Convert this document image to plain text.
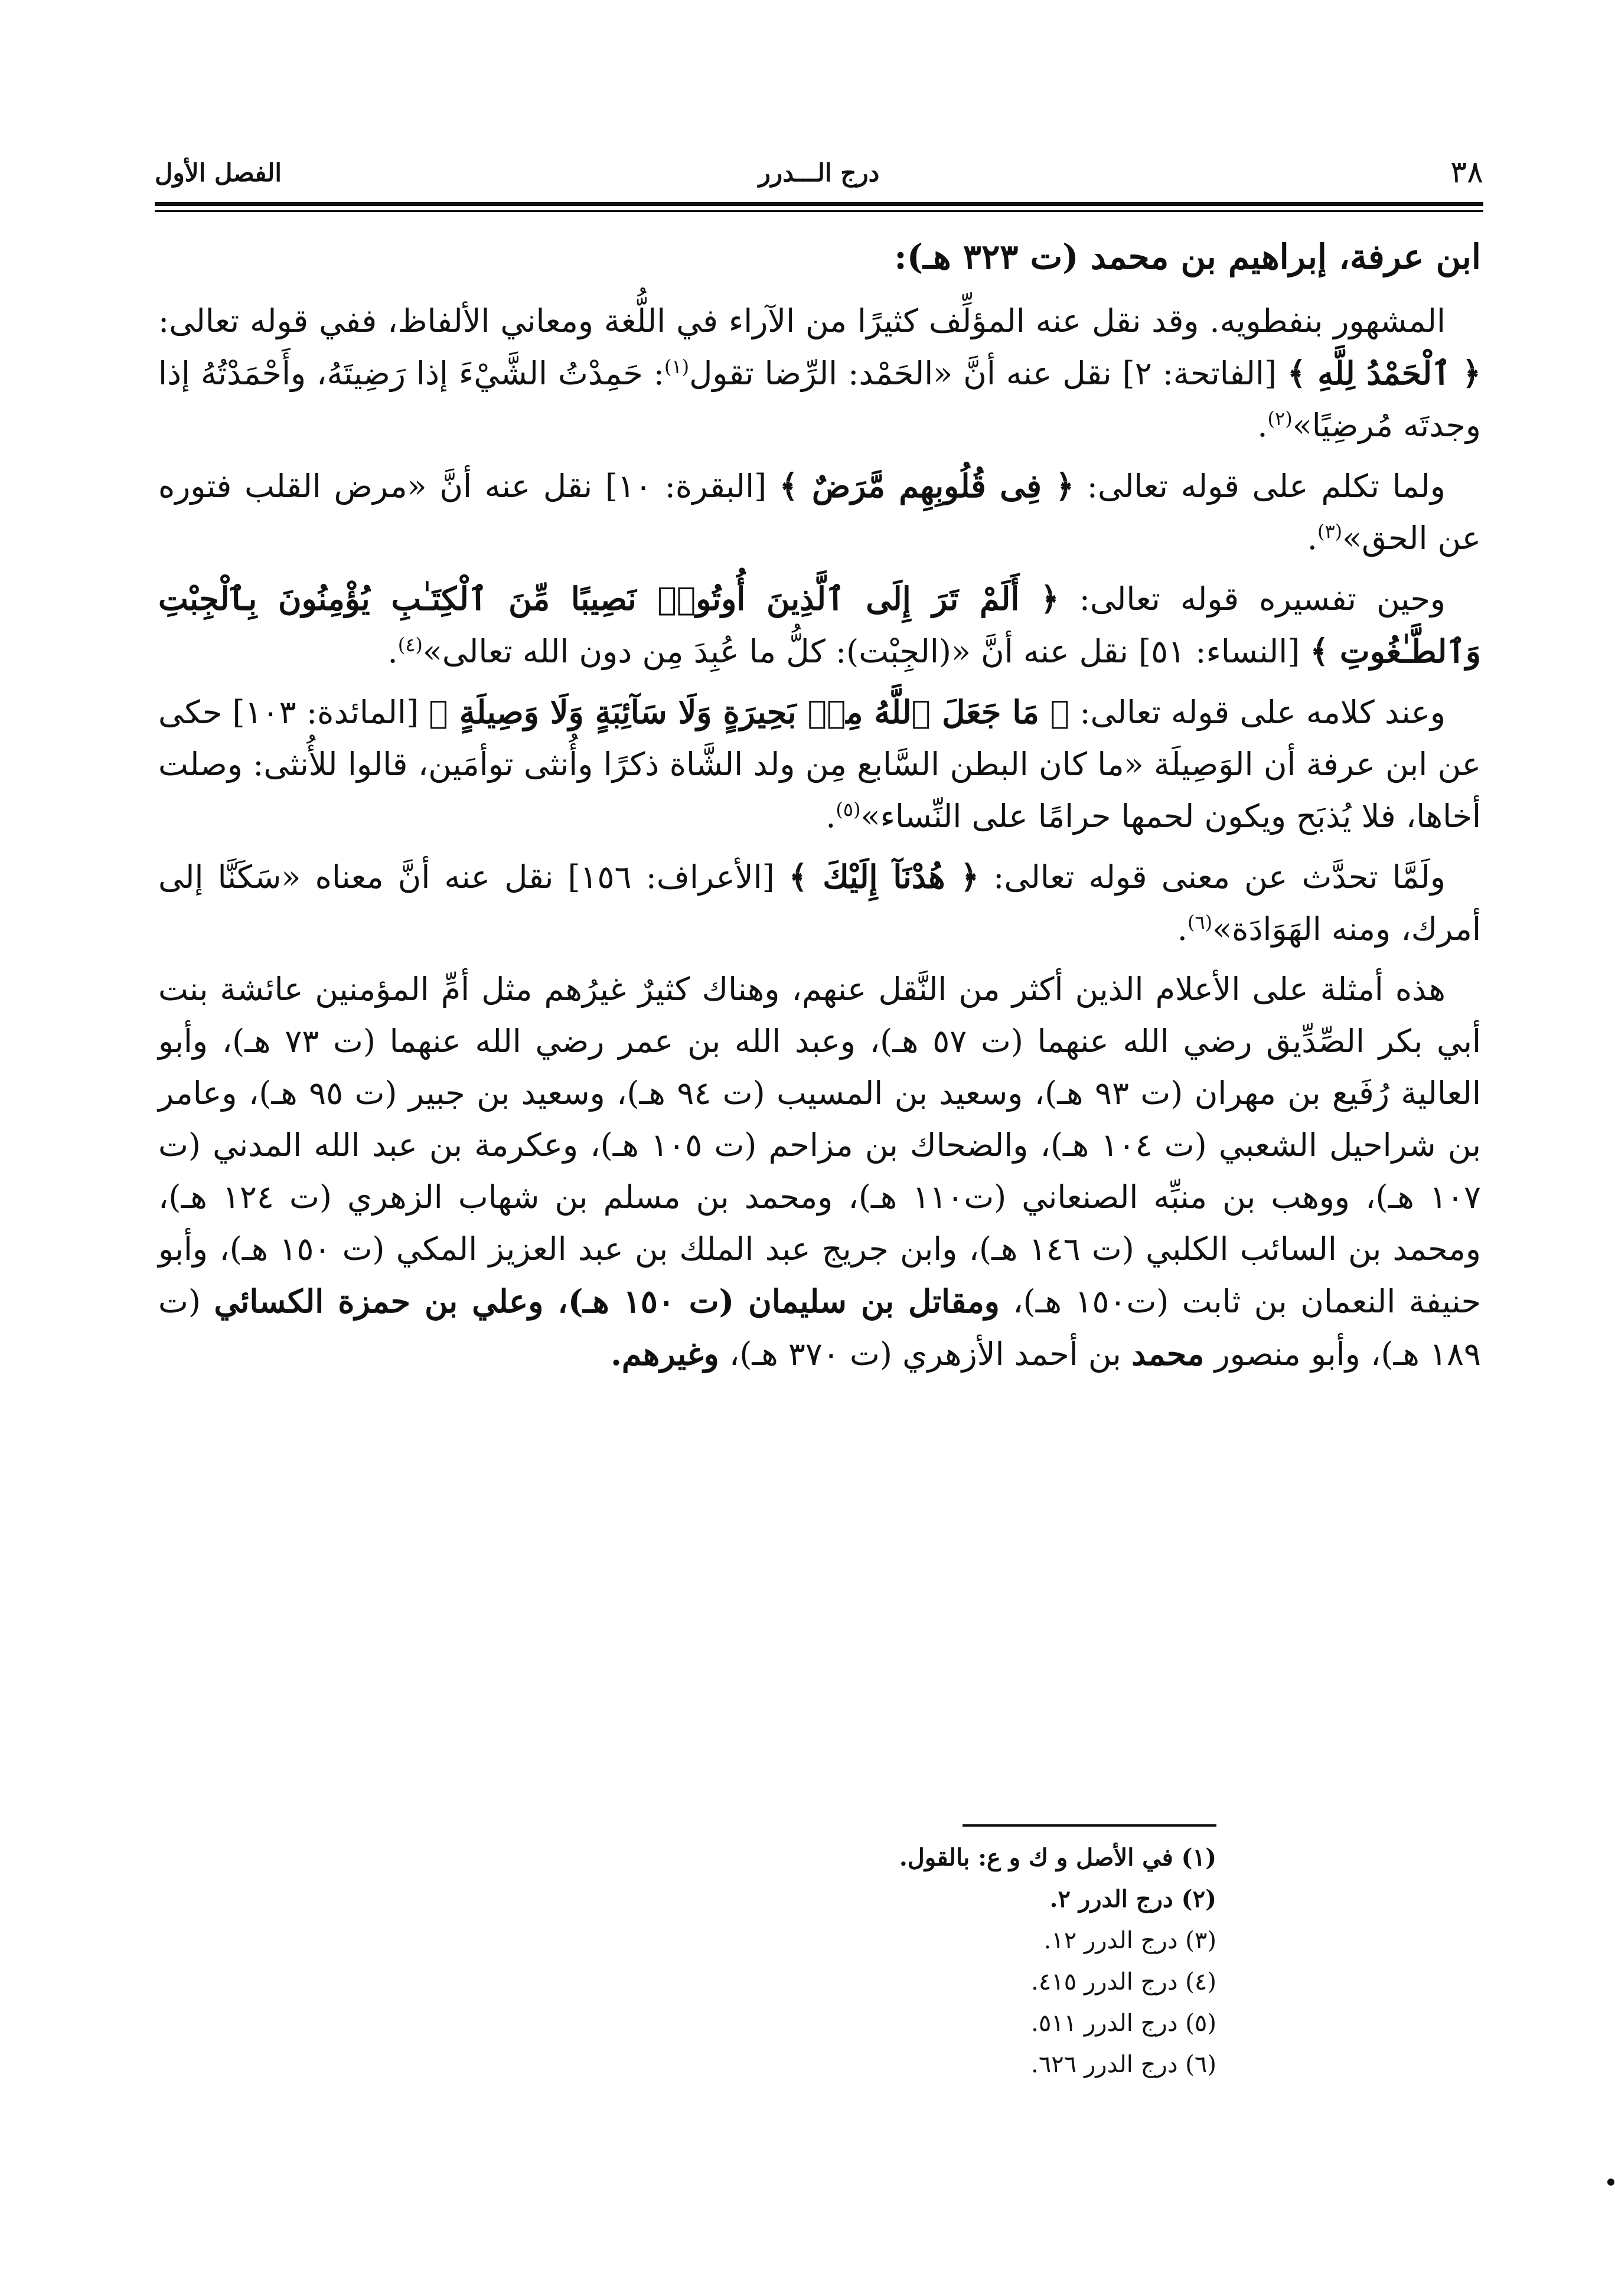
٣٨
درج الـــدرر
الفصل الأول
ابن عرفة، إبراهيم بن محمد (ت ٣٢٣ هـ):

المشهور بنفطويه. وقد نقل عنه المؤلِّف كثيرًا من الآراء في اللُّغة ومعاني الألفاظ، ففي قوله تعالى: ﴿ ٱلْحَمْدُ لِلَّهِ ﴾ [الفاتحة: ٢] نقل عنه أنَّ «الحَمْد: الرِّضا تقول$^{(١)}$: حَمِدْتُ الشَّيْءَ إذا رَضِيتَهُ، وأَحْمَدْتُهُ إذا وجدتَه مُرضِيًا»$^{(٢)}$.

ولما تكلم على قوله تعالى: ﴿ فِى قُلُوبِهِم مَّرَضٌ ﴾ [البقرة: ١٠] نقل عنه أنَّ «مرض القلب فتوره عن الحق»$^{(٣)}$.

وحين تفسيره قوله تعالى: ﴿ أَلَمْ تَرَ إِلَى ٱلَّذِينَ أُوتُوا۟ نَصِيبًا مِّنَ ٱلْكِتَـٰبِ يُؤْمِنُونَ بِٱلْجِبْتِ وَٱلطَّـٰغُوتِ ﴾ [النساء: ٥١] نقل عنه أنَّ «(الجِبْت): كلُّ ما عُبِدَ مِن دون الله تعالى»$^{(٤)}$.

وعند كلامه على قوله تعالى: ﴿ مَا جَعَلَ ٱللَّهُ مِنۢ بَحِيرَةٍ وَلَا سَآئِبَةٍ وَلَا وَصِيلَةٍ ﴾ [المائدة: ١٠٣] حكى عن ابن عرفة أن الوَصِيلَة «ما كان البطن السَّابع مِن ولد الشَّاة ذكرًا وأُنثى توأمَين، قالوا للأُنثى: وصلت أخاها، فلا يُذبَح ويكون لحمها حرامًا على النِّساء»$^{(٥)}$.

ولَمَّا تحدَّث عن معنى قوله تعالى: ﴿ هُدْنَآ إِلَيْكَ ﴾ [الأعراف: ١٥٦] نقل عنه أنَّ معناه «سَكَنَّا إلى أمرك، ومنه الهَوَادَة»$^{(٦)}$.

هذه أمثلة على الأعلام الذين أكثر من النَّقل عنهم، وهناك كثيرٌ غيرُهم مثل أمِّ المؤمنين عائشة بنت أبي بكر الصِّدِّيق رضي الله عنهما (ت ٥٧ هـ)، وعبد الله بن عمر رضي الله عنهما (ت ٧٣ هـ)، وأبو العالية رُفَيع بن مهران (ت ٩٣ هـ)، وسعيد بن المسيب (ت ٩٤ هـ)، وسعيد بن جبير (ت ٩٥ هـ)، وعامر بن شراحيل الشعبي (ت ١٠٤ هـ)، والضحاك بن مزاحم (ت ١٠٥ هـ)، وعكرمة بن عبد الله المدني (ت ١٠٧ هـ)، ووهب بن منبِّه الصنعاني (ت١١٠ هـ)، ومحمد بن مسلم بن شهاب الزهري (ت ١٢٤ هـ)، ومحمد بن السائب الكلبي (ت ١٤٦ هـ)، وابن جريج عبد الملك بن عبد العزيز المكي (ت ١٥٠ هـ)، وأبو حنيفة النعمان بن ثابت (ت١٥٠ هـ)، ومقاتل بن سليمان (ت ١٥٠ هـ)، وعلي بن حمزة الكسائي (ت ١٨٩ هـ)، وأبو منصور محمد بن أحمد الأزهري (ت ٣٧٠ هـ)، وغيرهم.

(١) في الأصل و ك و ع: بالقول.
(٢) درج الدرر ٢.
(٣) درج الدرر ١٢.
(٤) درج الدرر ٤١٥.
(٥) درج الدرر ٥١١.
(٦) درج الدرر ٦٢٦.
